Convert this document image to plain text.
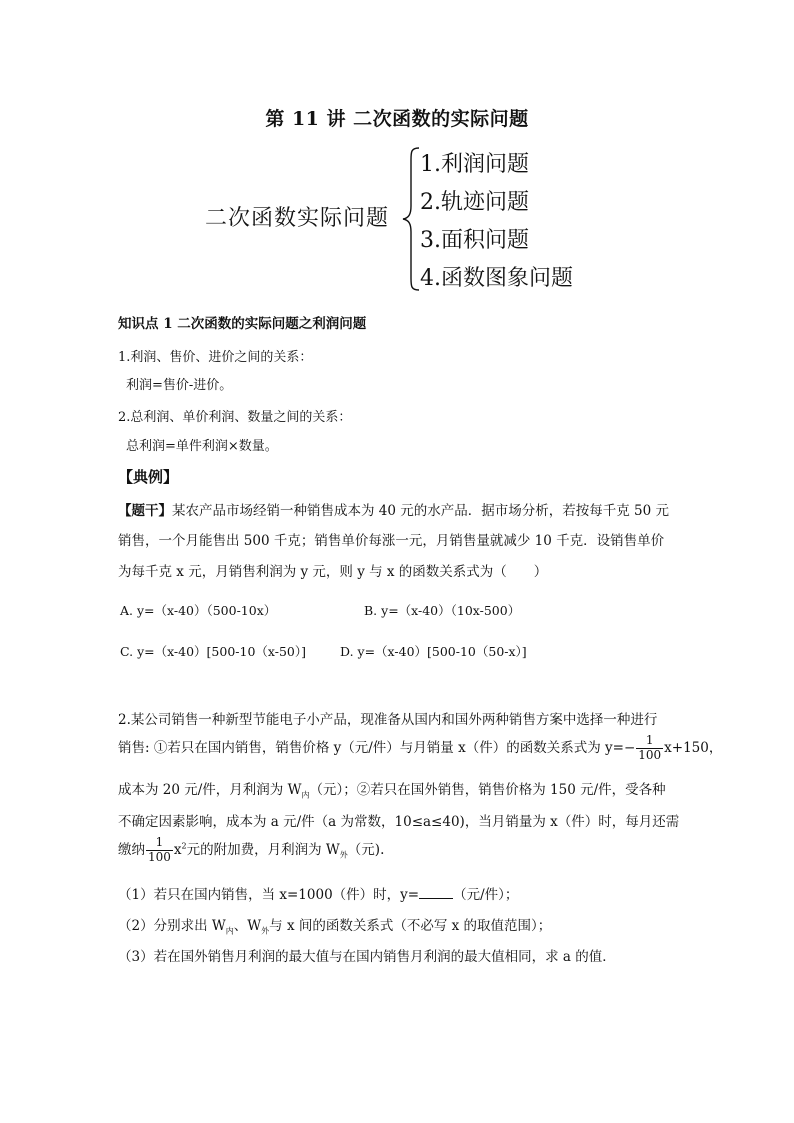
第 11 讲 二次函数的实际问题
二次函数实际问题
1.利润问题
2.轨迹问题
3.面积问题
4.函数图象问题
知识点 1 二次函数的实际问题之利润问题
1.利润、售价、进价之间的关系：
利润=售价-进价。
2.总利润、单价利润、数量之间的关系：
总利润=单件利润×数量。
【典例】
【题干】某农产品市场经销一种销售成本为 40 元的水产品．据市场分析，若按每千克 50 元
销售，一个月能售出 500 千克；销售单价每涨一元，月销售量就减少 10 千克．设销售单价
为每千克 x 元，月销售利润为 y 元，则 y 与 x 的函数关系式为（　　）
A. y=（x-40）（500-10x）	B. y=（x-40）（10x-500）
C. y=（x-40）[500-10（x-50）]	D. y=（x-40）[500-10（50-x）]
2.某公司销售一种新型节能电子小产品，现准备从国内和国外两种销售方案中选择一种进行
销售: ①若只在国内销售，销售价格 y（元/件）与月销量 x（件）的函数关系式为 $y=- \frac{1}{100} x+150$，
成本为 20 元/件，月利润为 $W_内$（元）；②若只在国外销售，销售价格为 150 元/件，受各种
不确定因素影响，成本为 a 元/件（a 为常数，10≤a≤40)，当月销量为 x（件）时，每月还需
缴纳 $\frac{1}{100} x^2$元的附加费，月利润为 $W_外$（元).
（1）若只在国内销售，当 x=1000（件）时，y=	（元/件）；
（2）分别求出 $W_内$、$W_外$与 x 间的函数关系式（不必写 x 的取值范围）；
（3）若在国外销售月利润的最大值与在国内销售月利润的最大值相同，求 a 的值．
